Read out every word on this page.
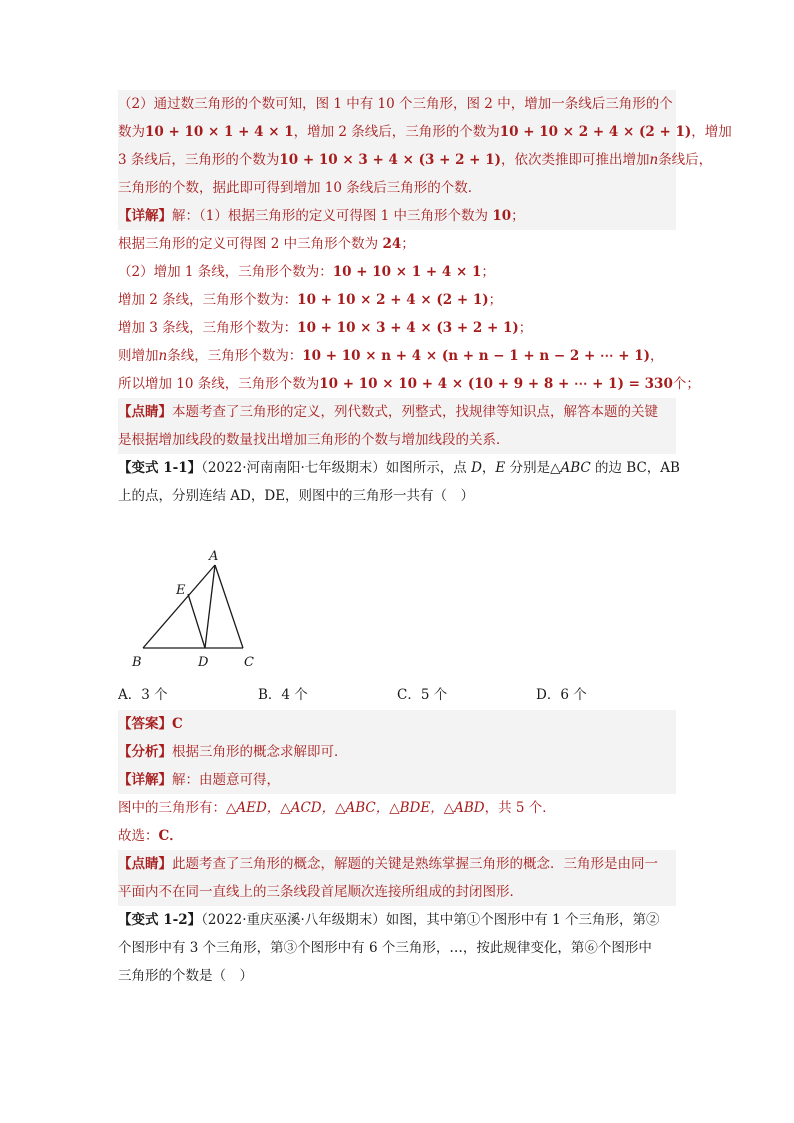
（2）通过数三角形的个数可知，图 1 中有 10 个三角形，图 2 中，增加一条线后三角形的个
数为10 + 10 × 1 + 4 × 1，增加 2 条线后，三角形的个数为10 + 10 × 2 + 4 × (2 + 1)，增加
3 条线后，三角形的个数为10 + 10 × 3 + 4 × (3 + 2 + 1)，依次类推即可推出增加n条线后，
三角形的个数，据此即可得到增加 10 条线后三角形的个数．
【详解】解：（1）根据三角形的定义可得图 1 中三角形个数为 10；
根据三角形的定义可得图 2 中三角形个数为 24；
（2）增加 1 条线，三角形个数为：10 + 10 × 1 + 4 × 1；
增加 2 条线，三角形个数为：10 + 10 × 2 + 4 × (2 + 1)；
增加 3 条线，三角形个数为：10 + 10 × 3 + 4 × (3 + 2 + 1)；
则增加n条线，三角形个数为：10 + 10 × n + 4 × (n + n − 1 + n − 2 + ⋯ + 1)，
所以增加 10 条线，三角形个数为10 + 10 × 10 + 4 × (10 + 9 + 8 + ⋯ + 1) = 330个；
【点睛】本题考查了三角形的定义，列代数式，列整式，找规律等知识点，解答本题的关键
是根据增加线段的数量找出增加三角形的个数与增加线段的关系．
【变式 1-1】（2022·河南南阳·七年级期末）如图所示，点 D，E 分别是△ABC 的边 BC，AB
上的点，分别连结 AD，DE，则图中的三角形一共有（　）
A
B	C
D
E
A．3 个	B．4 个	C．5 个	D．6 个
【答案】C
【分析】根据三角形的概念求解即可．
【详解】解：由题意可得，
图中的三角形有：△AED，△ACD，△ABC，△BDE，△ABD，共 5 个．
故选：C．
【点睛】此题考查了三角形的概念，解题的关键是熟练掌握三角形的概念．三角形是由同一
平面内不在同一直线上的三条线段首尾顺次连接所组成的封闭图形．
【变式 1-2】（2022·重庆巫溪·八年级期末）如图，其中第①个图形中有 1 个三角形，第②
个图形中有 3 个三角形，第③个图形中有 6 个三角形，…，按此规律变化，第⑥个图形中
三角形的个数是（　）
